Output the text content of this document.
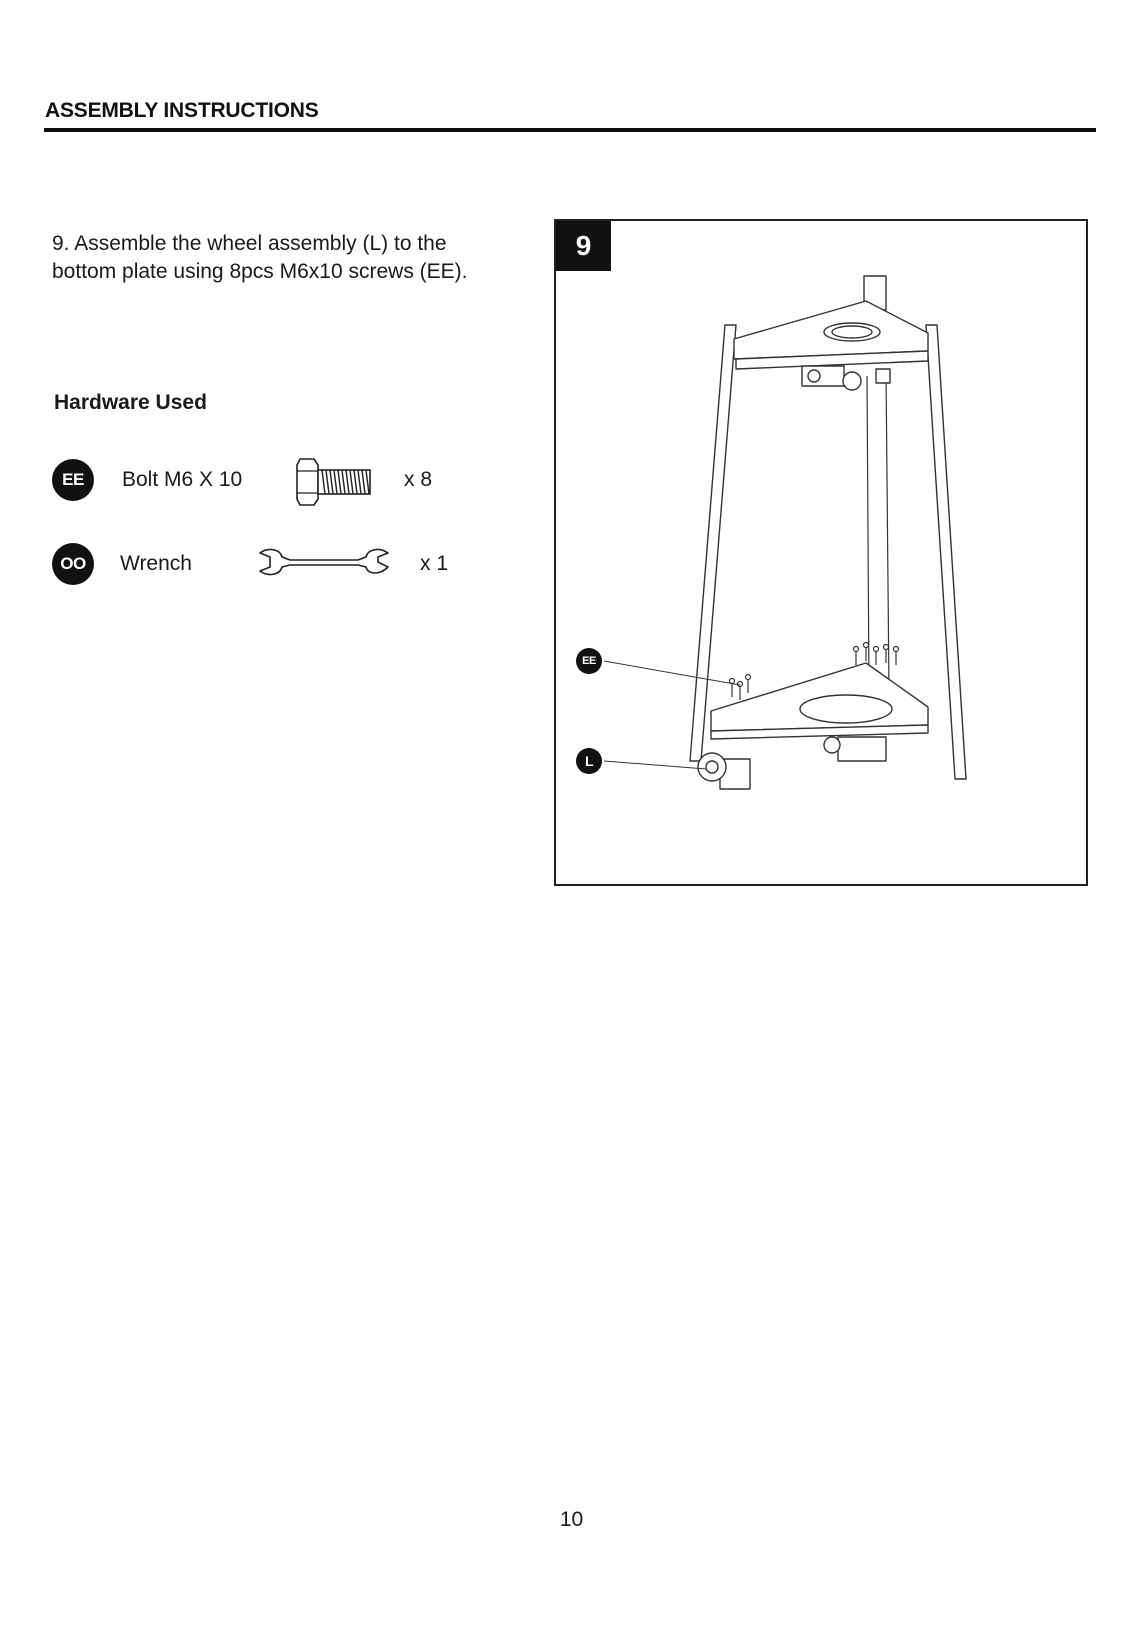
ASSEMBLY INSTRUCTIONS
9. Assemble the wheel assembly (L) to the
bottom plate using 8pcs M6x10 screws (EE).
Hardware Used
EE	Bolt M6 X 10	x 8
OO	Wrench	x 1
9
EE
L
10
